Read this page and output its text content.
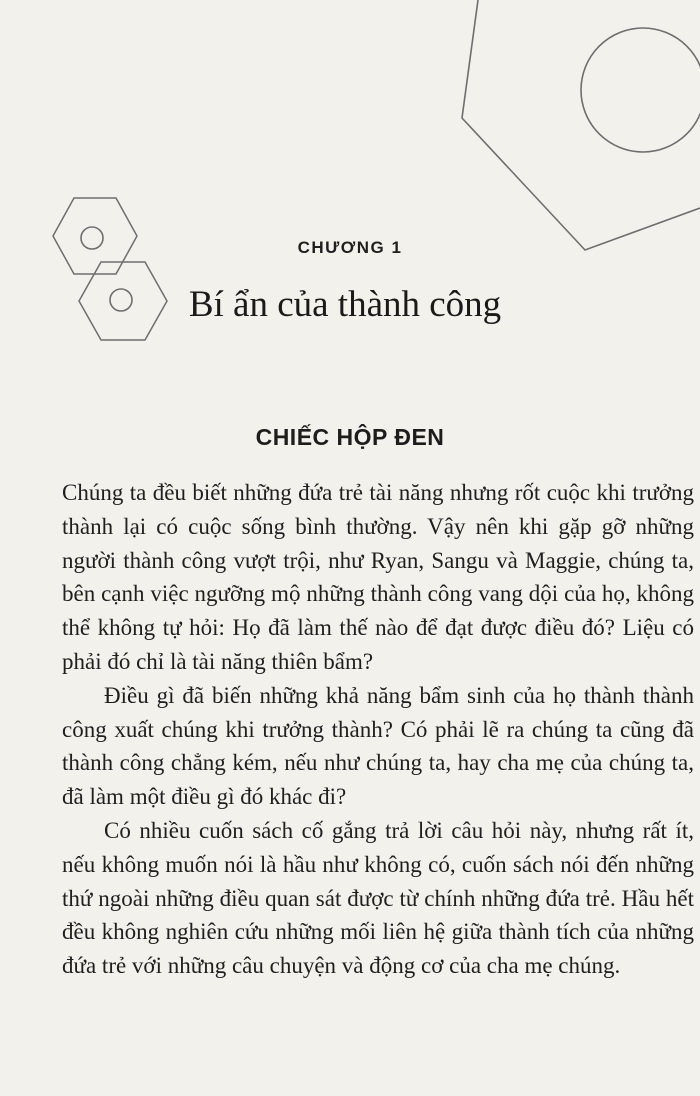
CHƯƠNG 1
Bí ẩn của thành công
CHIẾC HỘP ĐEN

Chúng ta đều biết những đứa trẻ tài năng nhưng rốt cuộc khi trưởng thành lại có cuộc sống bình thường. Vậy nên khi gặp gỡ những người thành công vượt trội, như Ryan, Sangu và Maggie, chúng ta, bên cạnh việc ngưỡng mộ những thành công vang dội của họ, không thể không tự hỏi: Họ đã làm thế nào để đạt được điều đó? Liệu có phải đó chỉ là tài năng thiên bẩm?

Điều gì đã biến những khả năng bẩm sinh của họ thành thành công xuất chúng khi trưởng thành? Có phải lẽ ra chúng ta cũng đã thành công chẳng kém, nếu như chúng ta, hay cha mẹ của chúng ta, đã làm một điều gì đó khác đi?

Có nhiều cuốn sách cố gắng trả lời câu hỏi này, nhưng rất ít, nếu không muốn nói là hầu như không có, cuốn sách nói đến những thứ ngoài những điều quan sát được từ chính những đứa trẻ. Hầu hết đều không nghiên cứu những mối liên hệ giữa thành tích của những đứa trẻ với những câu chuyện và động cơ của cha mẹ chúng.
